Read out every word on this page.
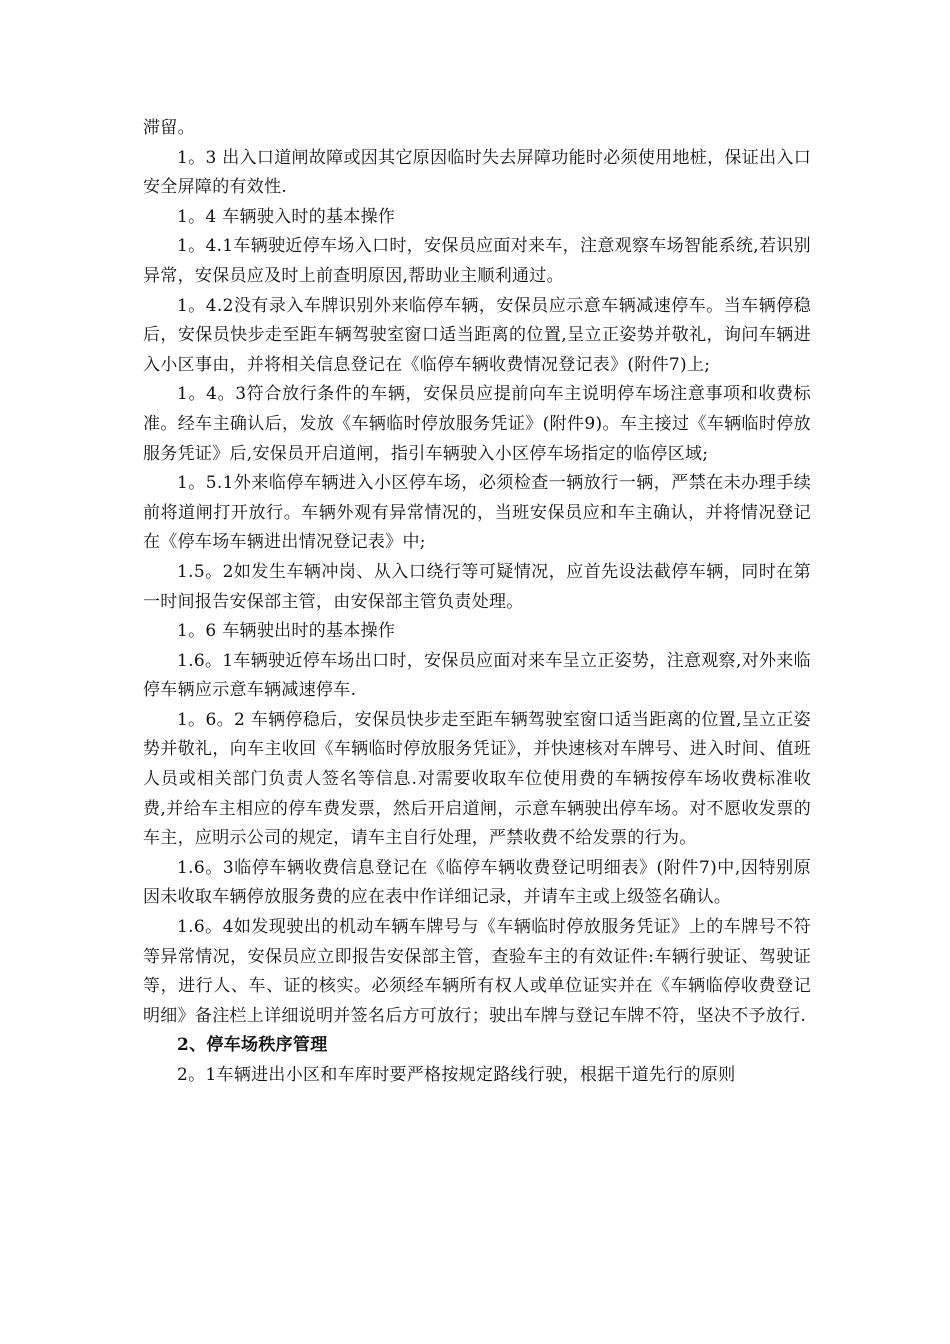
滞留。

1。3 出入口道闸故障或因其它原因临时失去屏障功能时必须使用地桩，保证出入口安全屏障的有效性.

1。4 车辆驶入时的基本操作

1。4.1车辆驶近停车场入口时，安保员应面对来车，注意观察车场智能系统,若识别异常，安保员应及时上前查明原因,帮助业主顺利通过。

1。4.2没有录入车牌识别外来临停车辆，安保员应示意车辆减速停车。当车辆停稳后，安保员快步走至距车辆驾驶室窗口适当距离的位置,呈立正姿势并敬礼，询问车辆进入小区事由，并将相关信息登记在《临停车辆收费情况登记表》(附件7)上;

1。4。3符合放行条件的车辆，安保员应提前向车主说明停车场注意事项和收费标准。经车主确认后，发放《车辆临时停放服务凭证》(附件9)。车主接过《车辆临时停放服务凭证》后,安保员开启道闸，指引车辆驶入小区停车场指定的临停区域;

1。5.1外来临停车辆进入小区停车场，必须检查一辆放行一辆，严禁在未办理手续前将道闸打开放行。车辆外观有异常情况的，当班安保员应和车主确认，并将情况登记在《停车场车辆进出情况登记表》中;

1.5。2如发生车辆冲岗、从入口绕行等可疑情况，应首先设法截停车辆，同时在第一时间报告安保部主管，由安保部主管负责处理。

1。6 车辆驶出时的基本操作

1.6。1车辆驶近停车场出口时，安保员应面对来车呈立正姿势，注意观察,对外来临停车辆应示意车辆减速停车.

1。6。2 车辆停稳后，安保员快步走至距车辆驾驶室窗口适当距离的位置,呈立正姿势并敬礼，向车主收回《车辆临时停放服务凭证》，并快速核对车牌号、进入时间、值班人员或相关部门负责人签名等信息.对需要收取车位使用费的车辆按停车场收费标准收费,并给车主相应的停车费发票，然后开启道闸，示意车辆驶出停车场。对不愿收发票的车主，应明示公司的规定，请车主自行处理，严禁收费不给发票的行为。

1.6。3临停车辆收费信息登记在《临停车辆收费登记明细表》(附件7)中,因特别原因未收取车辆停放服务费的应在表中作详细记录，并请车主或上级签名确认。

1.6。4如发现驶出的机动车辆车牌号与《车辆临时停放服务凭证》上的车牌号不符等异常情况，安保员应立即报告安保部主管，查验车主的有效证件:车辆行驶证、驾驶证等，进行人、车、证的核实。必须经车辆所有权人或单位证实并在《车辆临停收费登记明细》备注栏上详细说明并签名后方可放行；驶出车牌与登记车牌不符，坚决不予放行.

2、停车场秩序管理

2。1车辆进出小区和车库时要严格按规定路线行驶，根据干道先行的原则
